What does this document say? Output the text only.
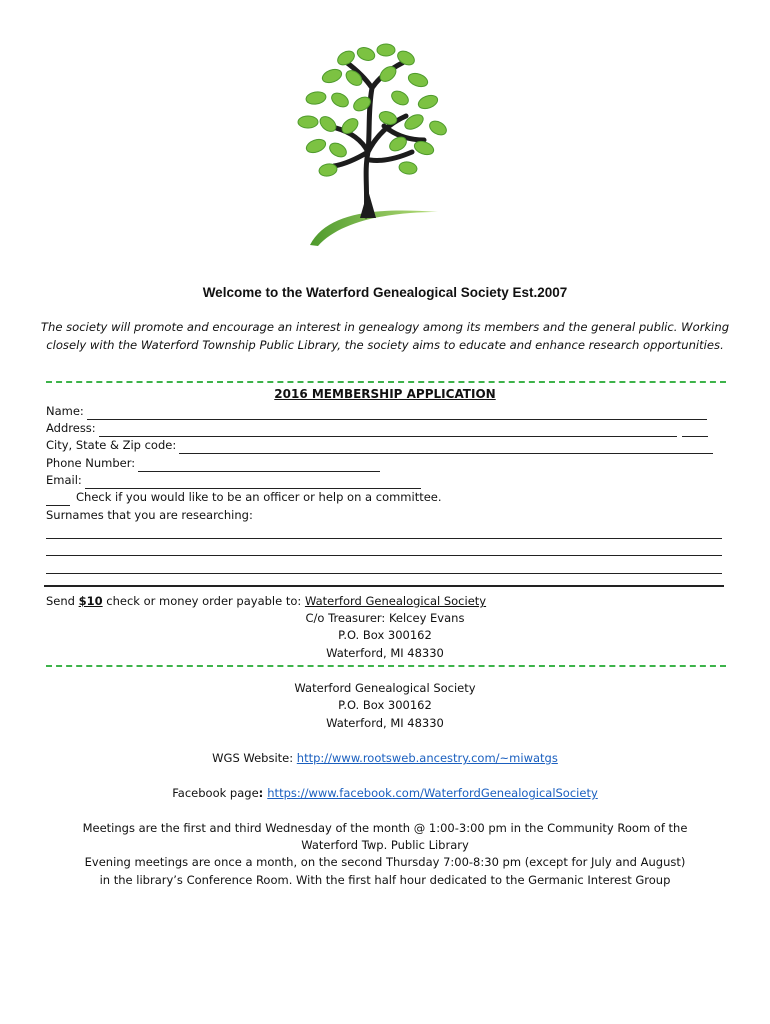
Welcome to the Waterford Genealogical Society Est.2007
The society will promote and encourage an interest in genealogy among its members and the general public. Working
closely with the Waterford Township Public Library, the society aims to educate and enhance research opportunities.
2016 MEMBERSHIP APPLICATION
Name:
Address:
City, State & Zip code:
Phone Number:
Email:
Check if you would like to be an officer or help on a committee.
Surnames that you are researching:
Send $10 check or money order payable to: Waterford Genealogical Society
C/o Treasurer: Kelcey Evans
P.O. Box 300162
Waterford, MI 48330
Waterford Genealogical Society
P.O. Box 300162
Waterford, MI 48330
WGS Website: http://www.rootsweb.ancestry.com/~miwatgs
Facebook page: https://www.facebook.com/WaterfordGenealogicalSociety
Meetings are the first and third Wednesday of the month @ 1:00-3:00 pm in the Community Room of the
Waterford Twp. Public Library
Evening meetings are once a month, on the second Thursday 7:00-8:30 pm (except for July and August)
in the library’s Conference Room. With the first half hour dedicated to the Germanic Interest Group
